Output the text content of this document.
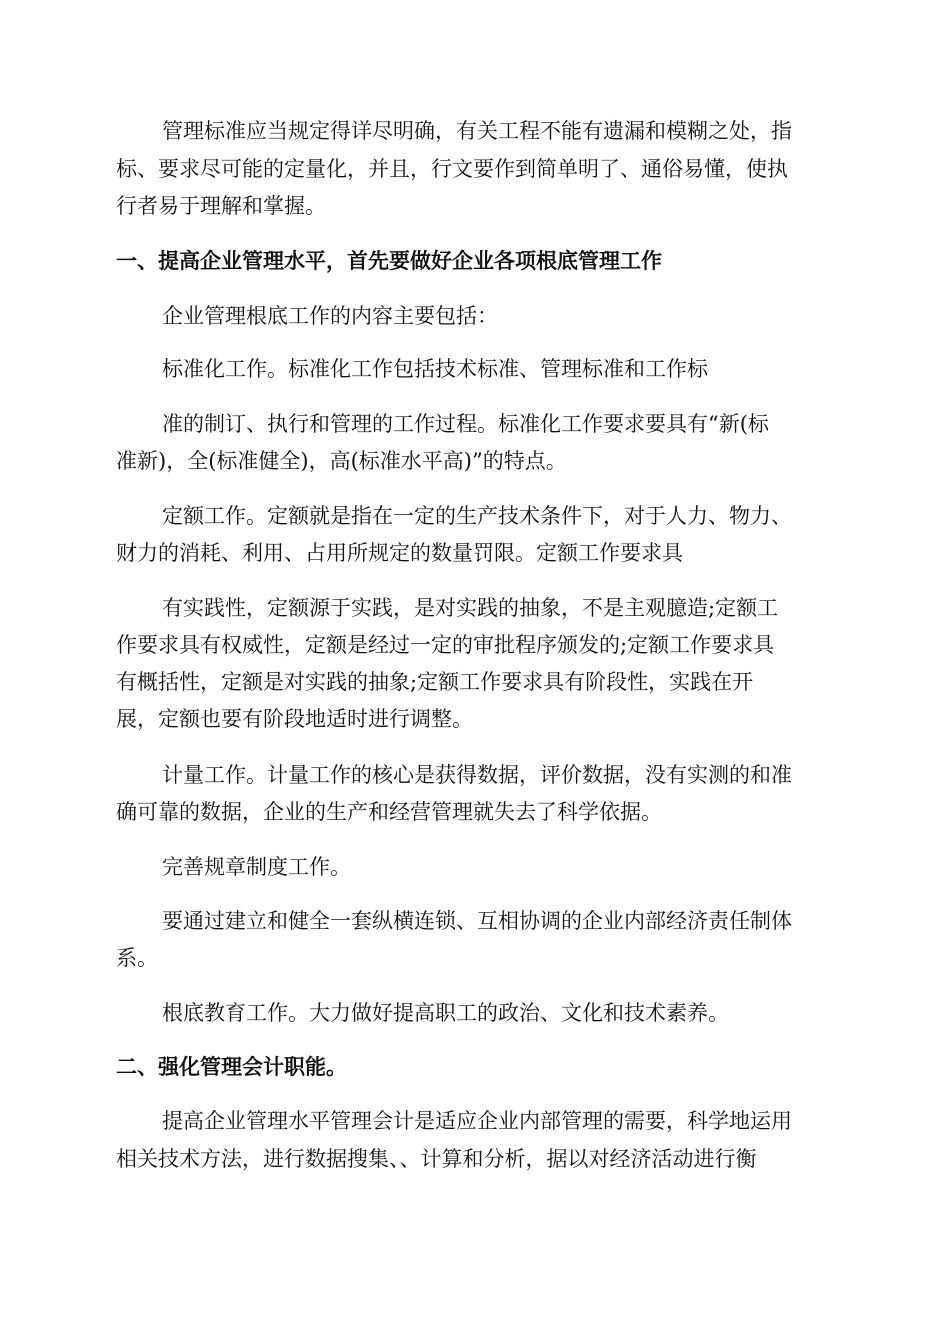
管理标准应当规定得详尽明确，有关工程不能有遗漏和模糊之处，指
标、要求尽可能的定量化，并且，行文要作到简单明了、通俗易懂，使执
行者易于理解和掌握。
一、提高企业管理水平，首先要做好企业各项根底管理工作
企业管理根底工作的内容主要包括：
标准化工作。标准化工作包括技术标准、管理标准和工作标
准的制订、执行和管理的工作过程。标准化工作要求要具有“新(标
准新)，全(标准健全)，高(标准水平高)”的特点。
定额工作。定额就是指在一定的生产技术条件下，对于人力、物力、
财力的消耗、利用、占用所规定的数量罚限。定额工作要求具
有实践性，定额源于实践，是对实践的抽象，不是主观臆造;定额工
作要求具有权威性，定额是经过一定的审批程序颁发的;定额工作要求具
有概括性，定额是对实践的抽象;定额工作要求具有阶段性，实践在开
展，定额也要有阶段地适时进行调整。
计量工作。计量工作的核心是获得数据，评价数据，没有实测的和准
确可靠的数据，企业的生产和经营管理就失去了科学依据。
完善规章制度工作。
要通过建立和健全一套纵横连锁、互相协调的企业内部经济责任制体
系。
根底教育工作。大力做好提高职工的政治、文化和技术素养。
二、强化管理会计职能。
提高企业管理水平管理会计是适应企业内部管理的需要，科学地运用
相关技术方法，进行数据搜集、、计算和分析，据以对经济活动进行衡
